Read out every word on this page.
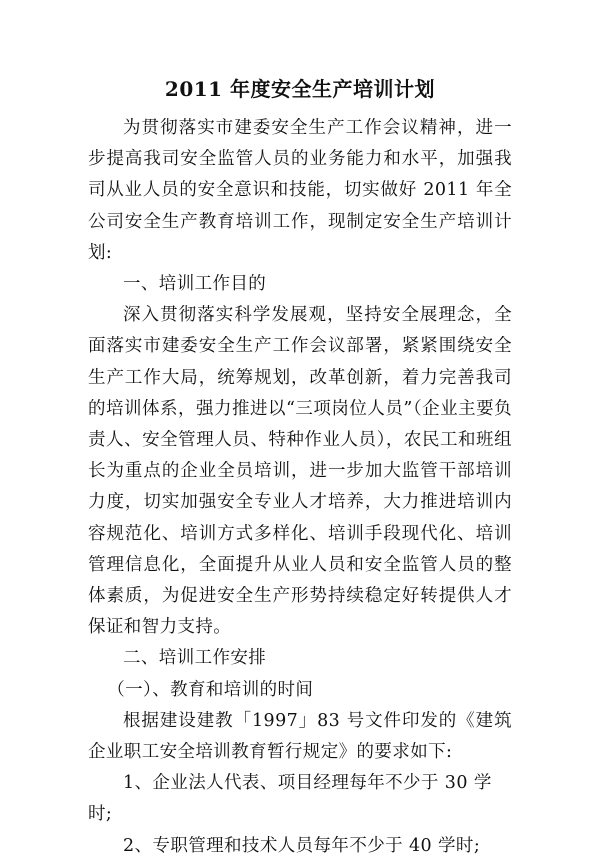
2011 年度安全生产培训计划

为贯彻落实市建委安全生产工作会议精神，进一步提高我司安全监管人员的业务能力和水平，加强我司从业人员的安全意识和技能，切实做好 2011 年全公司安全生产教育培训工作，现制定安全生产培训计划:

一、培训工作目的

深入贯彻落实科学发展观，坚持安全展理念，全面落实市建委安全生产工作会议部署，紧紧围绕安全生产工作大局，统筹规划，改革创新，着力完善我司的培训体系，强力推进以“三项岗位人员”（企业主要负责人、安全管理人员、特种作业人员），农民工和班组长为重点的企业全员培训，进一步加大监管干部培训力度，切实加强安全专业人才培养，大力推进培训内容规范化、培训方式多样化、培训手段现代化、培训管理信息化，全面提升从业人员和安全监管人员的整体素质，为促进安全生产形势持续稳定好转提供人才保证和智力支持。

二、培训工作安排

（一）、教育和培训的时间

根据建设建教「1997」83 号文件印发的《建筑企业职工安全培训教育暂行规定》的要求如下:

1、企业法人代表、项目经理每年不少于 30 学时;

2、专职管理和技术人员每年不少于 40 学时;
